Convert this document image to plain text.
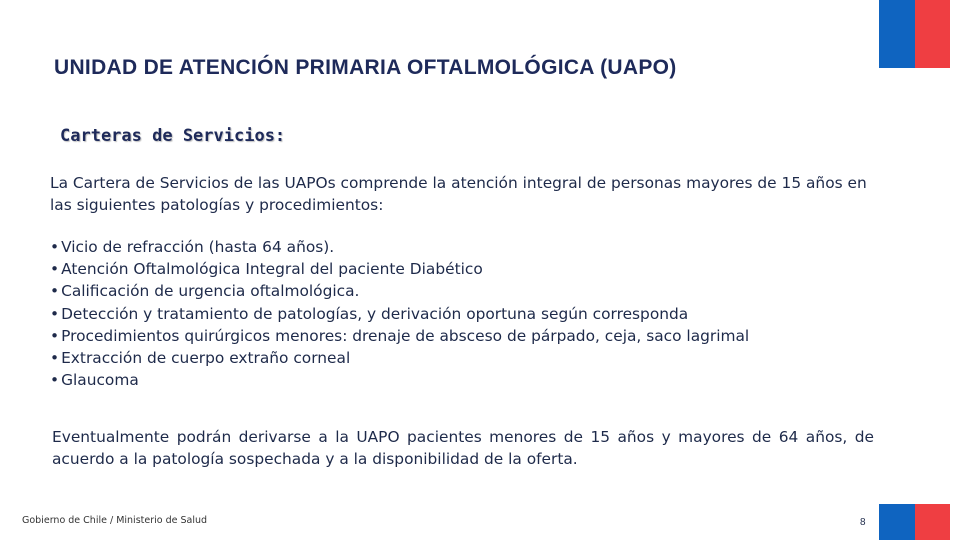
UNIDAD DE ATENCIÓN PRIMARIA OFTALMOLÓGICA (UAPO)
Carteras de Servicios:

La Cartera de Servicios de las UAPOs comprende la atención integral de personas mayores de 15 años en las siguientes patologías y procedimientos:

• Vicio de refracción (hasta 64 años).
• Atención Oftalmológica Integral del paciente Diabético
• Calificación de urgencia oftalmológica.
• Detección y tratamiento de patologías, y derivación oportuna según corresponda
• Procedimientos quirúrgicos menores: drenaje de absceso de párpado, ceja, saco lagrimal
• Extracción de cuerpo extraño corneal
• Glaucoma

Eventualmente podrán derivarse a la UAPO pacientes menores de 15 años y mayores de 64 años, de acuerdo a la patología sospechada y a la disponibilidad de la oferta.

Gobierno de Chile / Ministerio de Salud	8
